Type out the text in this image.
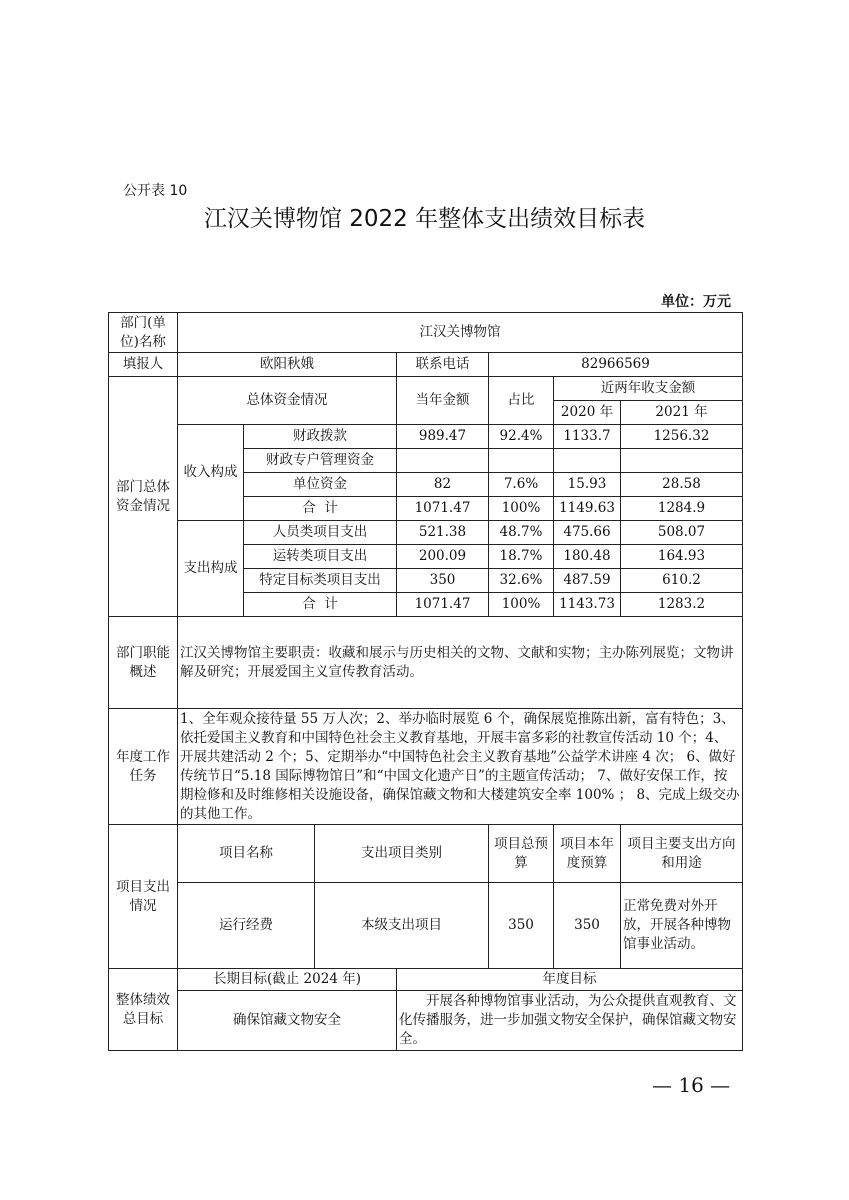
公开表 10
江汉关博物馆 2022 年整体支出绩效目标表
单位：万元
部门(单位)名称	江汉关博物馆						
填报人	欧阳秋娥			联系电话	82966569		
部门总体资金情况	总体资金情况			当年金额	占比	近两年收支金额	
						2020 年	2021 年
	收入构成	财政拨款		989.47	92.4%	1133.7	1256.32
		财政专户管理资金					
		单位资金		82	7.6%	15.93	28.58
		合  计		1071.47	100%	1149.63	1284.9
	支出构成	人员类项目支出		521.38	48.7%	475.66	508.07
		运转类项目支出		200.09	18.7%	180.48	164.93
		特定目标类项目支出		350	32.6%	487.59	610.2
		合  计		1071.47	100%	1143.73	1283.2
部门职能概述	江汉关博物馆主要职责：收藏和展示与历史相关的文物、文献和实物；主办陈列展览；文物讲解及研究；开展爱国主义宣传教育活动。						
年度工作任务	1、全年观众接待量 55 万人次；2、举办临时展览 6 个，确保展览推陈出新，富有特色；3、依托爱国主义教育和中国特色社会主义教育基地，开展丰富多彩的社教宣传活动 10 个；4、开展共建活动 2 个；5、定期举办“中国特色社会主义教育基地”公益学术讲座 4 次； 6、做好传统节日“5.18 国际博物馆日”和“中国文化遗产日”的主题宣传活动； 7、做好安保工作，按期检修和及时维修相关设施设备，确保馆藏文物和大楼建筑安全率 100% ； 8、完成上级交办的其他工作。						
项目支出情况	项目名称		支出项目类别		项目总预算	项目本年度预算	项目主要支出方向和用途
	运行经费		本级支出项目		350	350	正常免费对外开放，开展各种博物馆事业活动。
整体绩效总目标	长期目标(截止 2024 年)			年度目标			
	确保馆藏文物安全			开展各种博物馆事业活动，为公众提供直观教育、文化传播服务，进一步加强文物安全保护，确保馆藏文物安全。			
— 16 —
